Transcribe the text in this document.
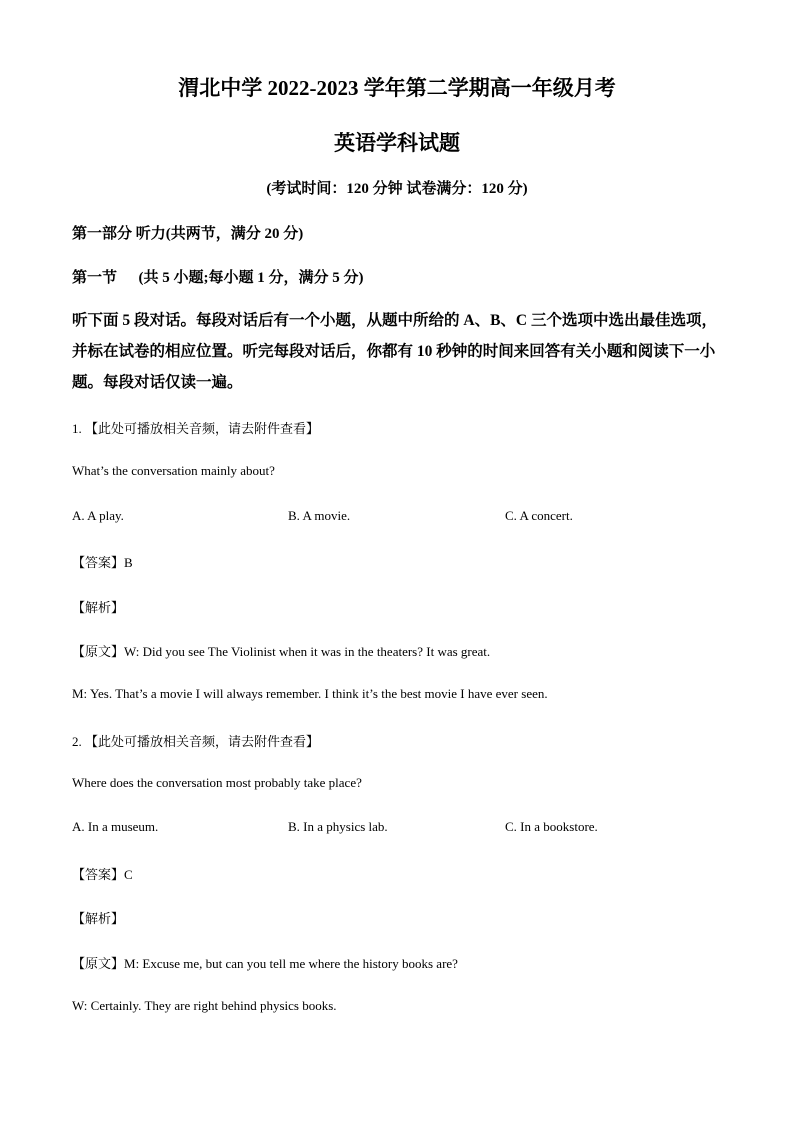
渭北中学 2022-2023 学年第二学期高一年级月考
英语学科试题
(考试时间：120 分钟 试卷满分：120 分)
第一部分 听力(共两节，满分 20 分)
第一节 (共 5 小题;每小题 1 分，满分 5 分)
听下面 5 段对话。每段对话后有一个小题，从题中所给的 A、B、C 三个选项中选出最佳选项，并标在试卷的相应位置。听完每段对话后，你都有 10 秒钟的时间来回答有关小题和阅读下一小题。每段对话仅读一遍。
1. 【此处可播放相关音频，请去附件查看】
What’s the conversation mainly about?
A. A play.	B. A movie.	C. A concert.
【答案】B
【解析】
【原文】W: Did you see The Violinist when it was in the theaters? It was great.
M: Yes. That’s a movie I will always remember. I think it’s the best movie I have ever seen.
2. 【此处可播放相关音频，请去附件查看】
Where does the conversation most probably take place?
A. In a museum.	B. In a physics lab.	C. In a bookstore.
【答案】C
【解析】
【原文】M: Excuse me, but can you tell me where the history books are?
W: Certainly. They are right behind physics books.
